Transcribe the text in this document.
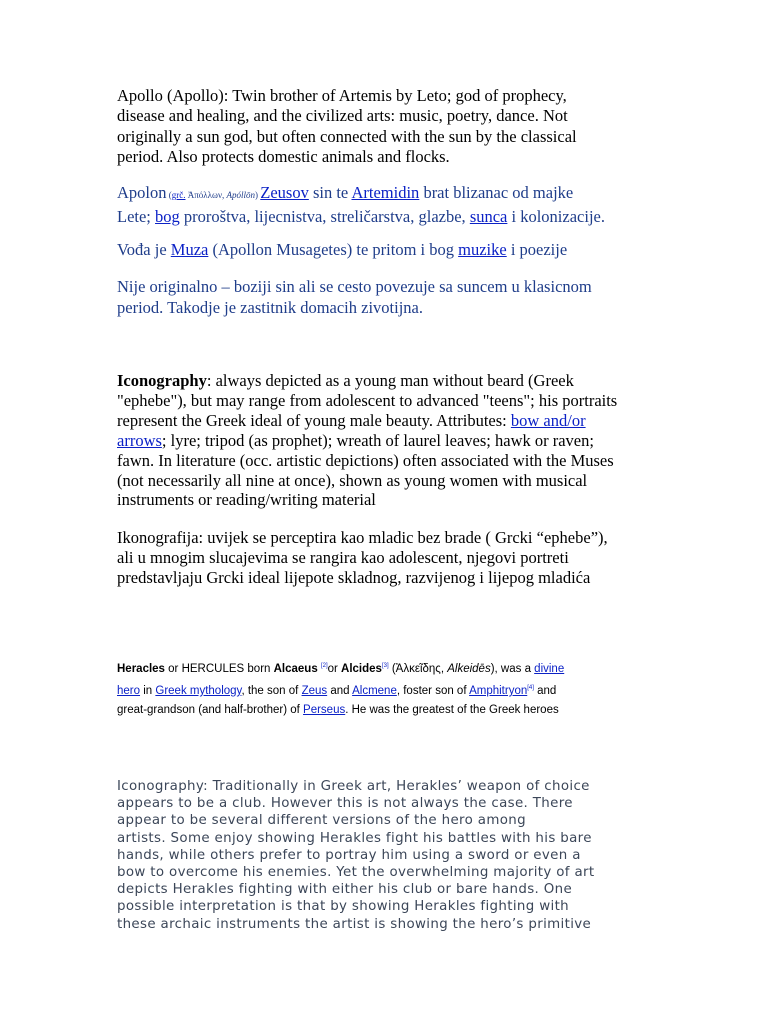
Apollo (Apollo): Twin brother of Artemis by Leto; god of prophecy,
disease and healing, and the civilized arts: music, poetry, dance. Not
originally a sun god, but often connected with the sun by the classical
period. Also protects domestic animals and flocks.
Apolon (grč. Ἀπόλλων, Apóllōn) Zeusov sin te Artemidin brat blizanac od majke
Lete; bog proroštva, lijecnistva, streličarstva, glazbe, sunca i kolonizacije.
Vođa je Muza (Apollon Musagetes) te pritom i bog muzike i poezije
Nije originalno – boziji sin ali se cesto povezuje sa suncem u klasicnom
period. Takodje je zastitnik domacih zivotijna.
Iconography: always depicted as a young man without beard (Greek
"ephebe"), but may range from adolescent to advanced "teens"; his portraits
represent the Greek ideal of young male beauty. Attributes: bow and/or
arrows; lyre; tripod (as prophet); wreath of laurel leaves; hawk or raven;
fawn. In literature (occ. artistic depictions) often associated with the Muses
(not necessarily all nine at once), shown as young women with musical
instruments or reading/writing material
Ikonografija: uvijek se perceptira kao mladic bez brade ( Grcki “ephebe”),
ali u mnogim slucajevima se rangira kao adolescent, njegovi portreti
predstavljaju Grcki ideal lijepote skladnog, razvijenog i lijepog mladića
Heracles or HERCULES born Alcaeus [2]or Alcides[3] (Ἀλκεῖδης, Alkeidēs), was a divine
hero in Greek mythology, the son of Zeus and Alcmene, foster son of Amphitryon[4] and
great-grandson (and half-brother) of Perseus. He was the greatest of the Greek heroes
Iconography: Traditionally in Greek art, Herakles’ weapon of choice
appears to be a club. However this is not always the case. There
appear to be several different versions of the hero among
artists. Some enjoy showing Herakles fight his battles with his bare
hands, while others prefer to portray him using a sword or even a
bow to overcome his enemies. Yet the overwhelming majority of art
depicts Herakles fighting with either his club or bare hands. One
possible interpretation is that by showing Herakles fighting with
these archaic instruments the artist is showing the hero’s primitive
